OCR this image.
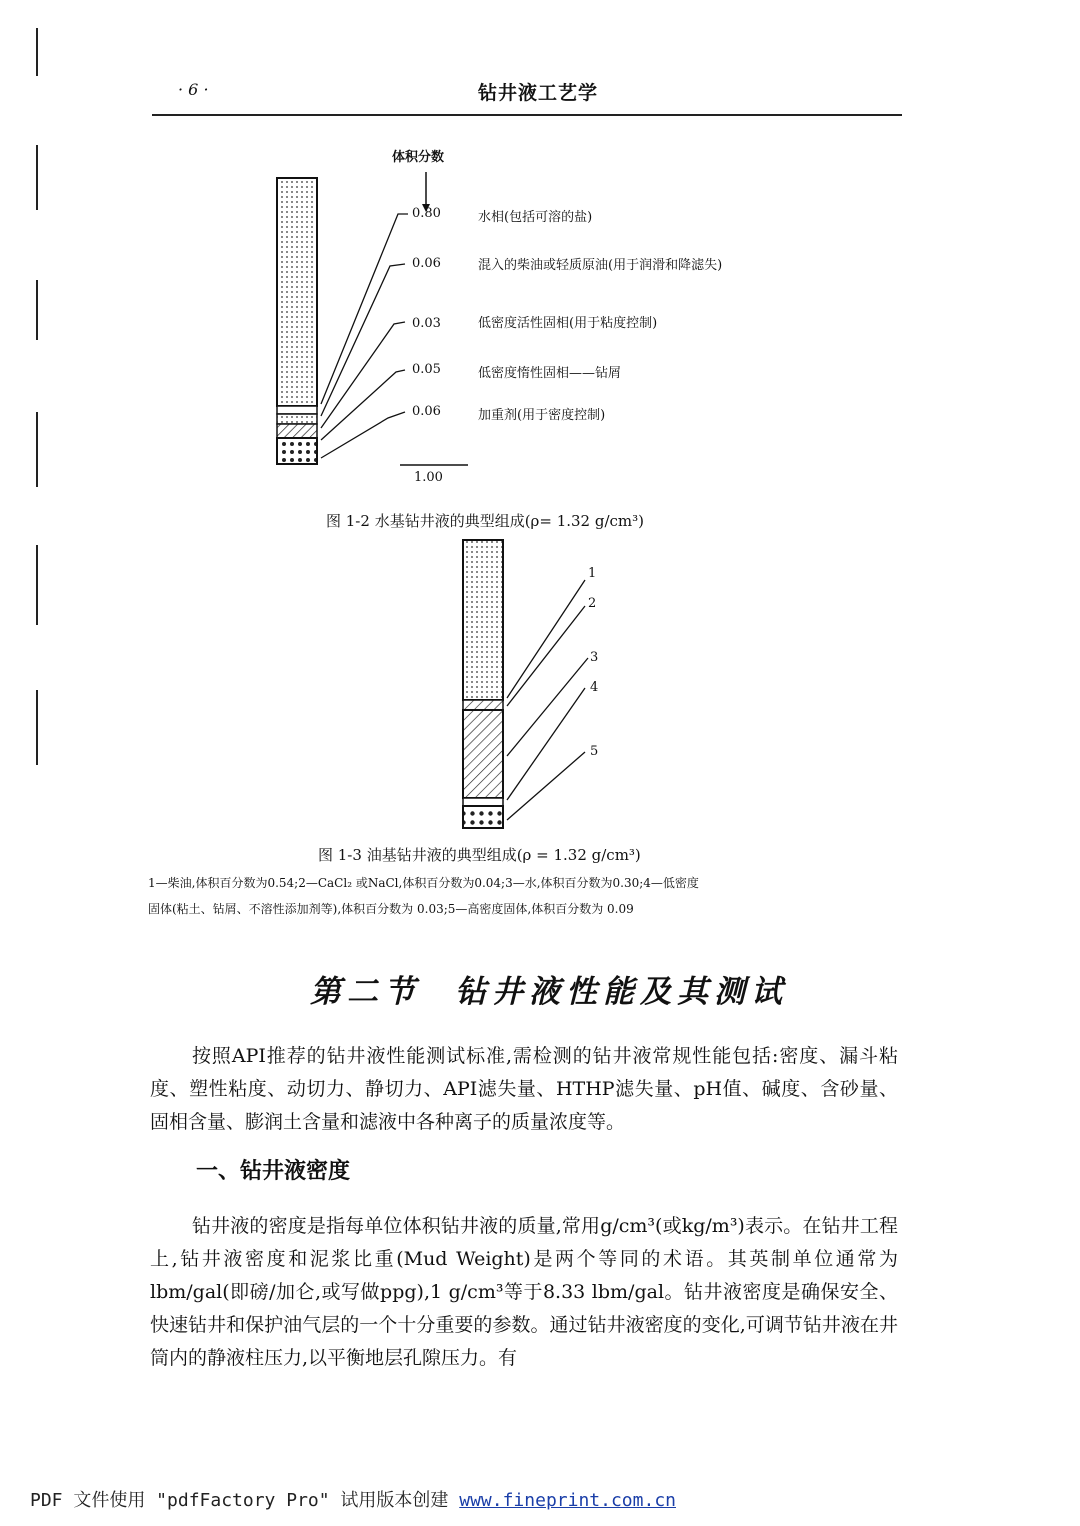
· 6 ·	钻井液工艺学
体积分数
0.80	水相(包括可溶的盐)
0.06	混入的柴油或轻质原油(用于润滑和降滤失)
0.03	低密度活性固相(用于粘度控制)
0.05	低密度惰性固相——钻屑
0.06	加重剂(用于密度控制)
1.00
图 1-2 水基钻井液的典型组成(ρ= 1.32 g/cm³)
1
2
3
4
5
图 1-3 油基钻井液的典型组成(ρ = 1.32 g/cm³)
1—柴油,体积百分数为0.54;2—CaCl₂ 或NaCl,体积百分数为0.04;3—水,体积百分数为0.30;4—低密度
固体(粘土、钻屑、不溶性添加剂等),体积百分数为 0.03;5—高密度固体,体积百分数为 0.09
第二节 钻井液性能及其测试

按照API推荐的钻井液性能测试标准,需检测的钻井液常规性能包括:密度、漏斗粘度、塑性粘度、动切力、静切力、API滤失量、HTHP滤失量、pH值、碱度、含砂量、固相含量、膨润土含量和滤液中各种离子的质量浓度等。

一、钻井液密度

钻井液的密度是指每单位体积钻井液的质量,常用g/cm³(或kg/m³)表示。在钻井工程上,钻井液密度和泥浆比重(Mud Weight)是两个等同的术语。其英制单位通常为lbm/gal(即磅/加仑,或写做ppg),1 g/cm³等于8.33 lbm/gal。钻井液密度是确保安全、快速钻井和保护油气层的一个十分重要的参数。通过钻井液密度的变化,可调节钻井液在井筒内的静液柱压力,以平衡地层孔隙压力。有

PDF 文件使用 "pdfFactory Pro" 试用版本创建 www.fineprint.com.cn
